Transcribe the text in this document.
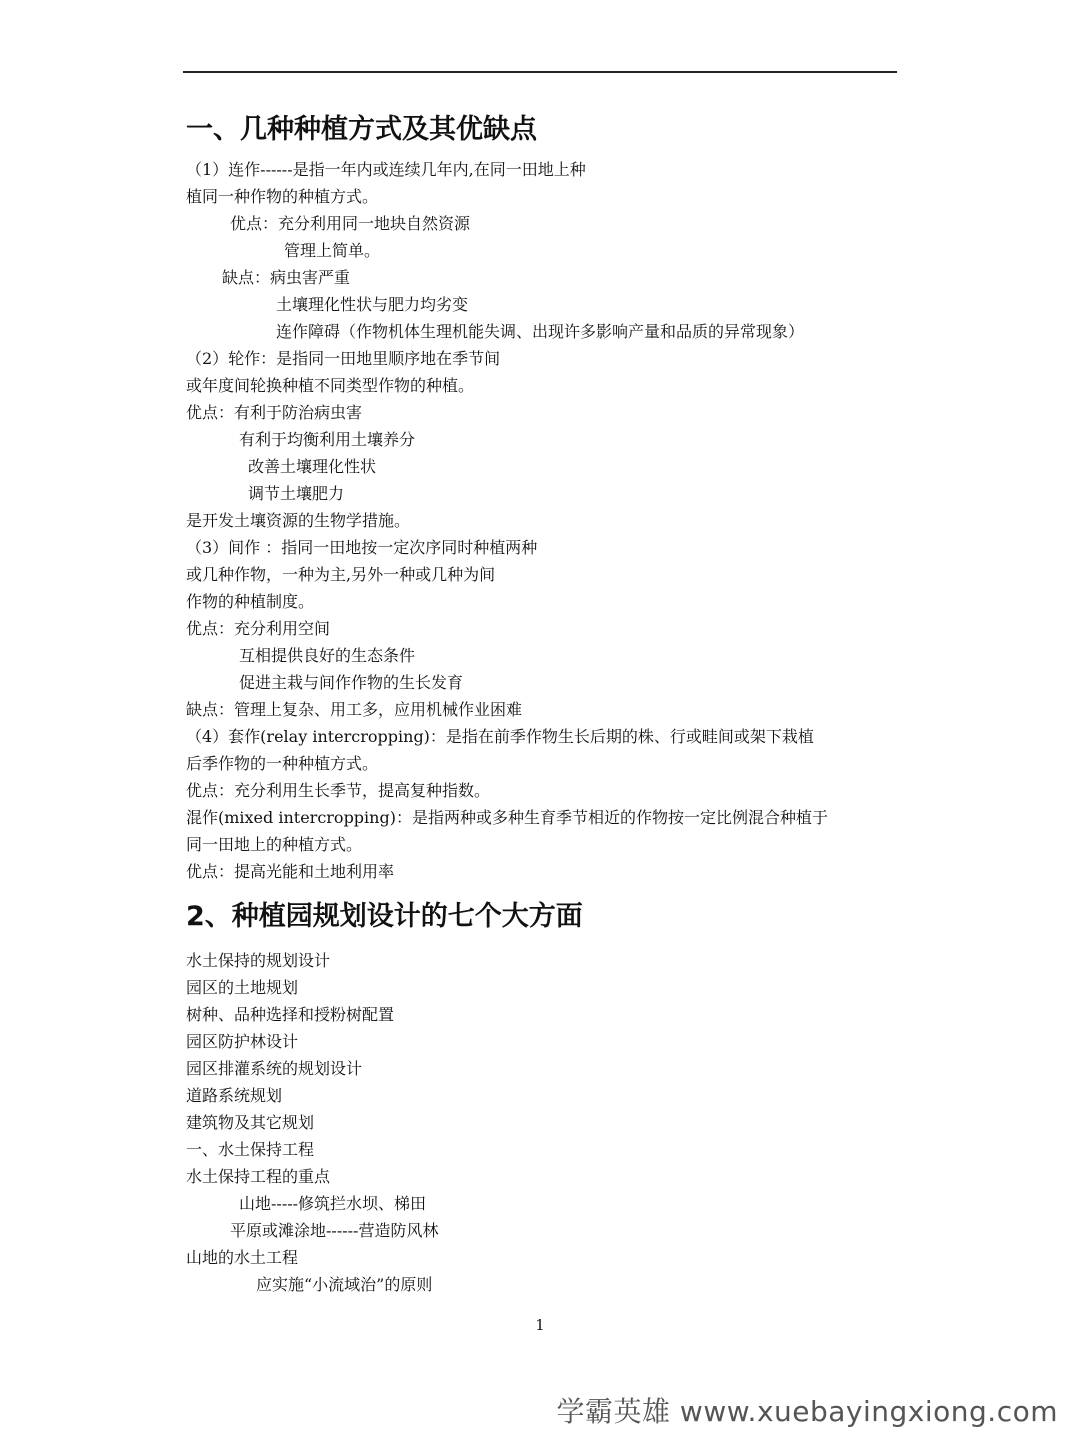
一、几种种植方式及其优缺点
（1）连作------是指一年内或连续几年内,在同一田地上种
植同一种作物的种植方式。
优点：充分利用同一地块自然资源
管理上简单。
缺点：病虫害严重
土壤理化性状与肥力均劣变
连作障碍（作物机体生理机能失调、出现许多影响产量和品质的异常现象）
（2）轮作：是指同一田地里顺序地在季节间
或年度间轮换种植不同类型作物的种植。
优点：有利于防治病虫害
有利于均衡利用土壤养分
改善土壤理化性状
调节土壤肥力
是开发土壤资源的生物学措施。
（3）间作 ：指同一田地按一定次序同时种植两种
或几种作物，一种为主,另外一种或几种为间
作物的种植制度。
优点：充分利用空间
互相提供良好的生态条件
促进主栽与间作作物的生长发育
缺点：管理上复杂、用工多，应用机械作业困难
（4）套作(relay intercropping)：是指在前季作物生长后期的株、行或畦间或架下栽植
后季作物的一种种植方式。
优点：充分利用生长季节，提高复种指数。
混作(mixed intercropping)：是指两种或多种生育季节相近的作物按一定比例混合种植于
同一田地上的种植方式。
优点：提高光能和土地利用率
2、种植园规划设计的七个大方面
水土保持的规划设计
园区的土地规划
树种、品种选择和授粉树配置
园区防护林设计
园区排灌系统的规划设计
道路系统规划
建筑物及其它规划
一、水土保持工程
水土保持工程的重点
山地-----修筑拦水坝、梯田
平原或滩涂地------营造防风林
山地的水土工程
应实施“小流域治”的原则
1
学霸英雄 www.xuebayingxiong.com
